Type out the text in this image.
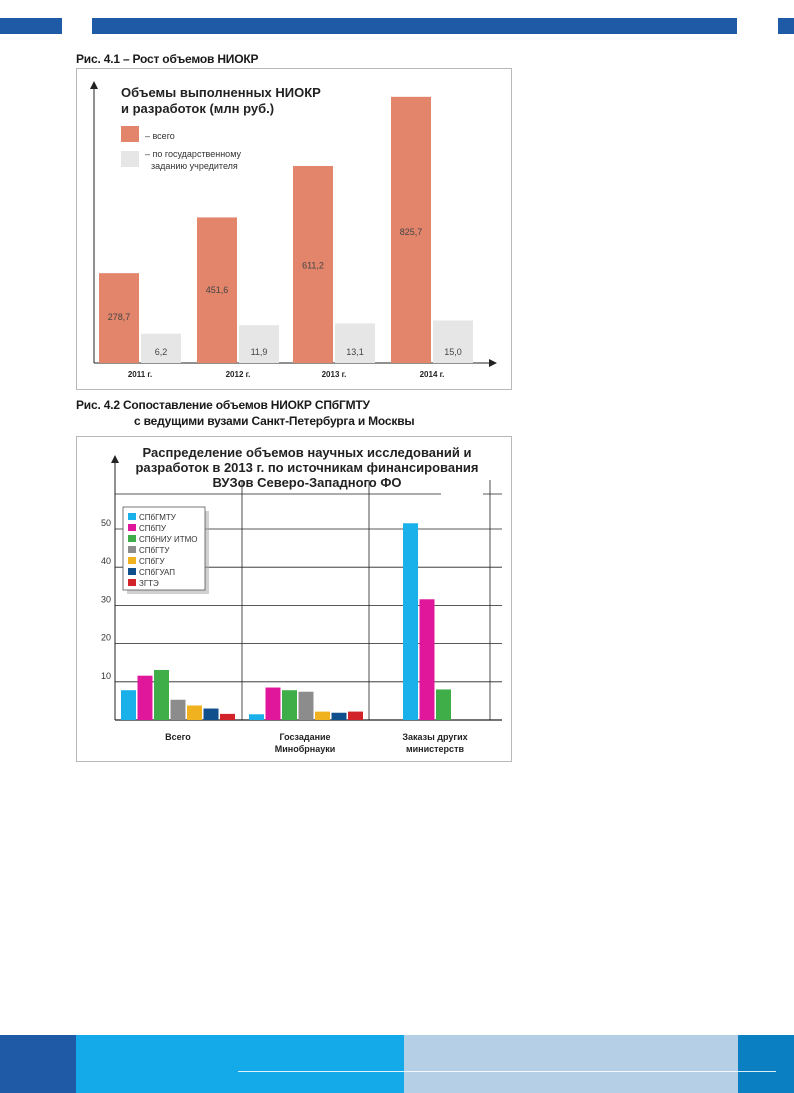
Рис. 4.1 – Рост объемов НИОКР
Рис. 4.2 Сопоставление объемов НИОКР СПбГМТУ
с ведущими вузами Санкт-Петербурга и Москвы
Объемы выполненных НИОКР
и разработок (млн руб.)
– всего
– по государственному
заданию учредителя
278,7
6,2
2011 г.
451,6
11,9
2012 г.
611,2
13,1
2013 г.
825,7
15,0
2014 г.
Распределение объемов научных исследований и
разработок в 2013 г. по источникам финансирования
ВУЗов Северо-Западного ФО
10
20
30
40
50
Всего	Госзадание
Минобрнауки
Заказы других
министерств
СПбГМТУ
СПбПУ
СПбНИУ ИТМО
СПбГТУ
СПбГУ
СПбГУАП
ЗГТЭ
